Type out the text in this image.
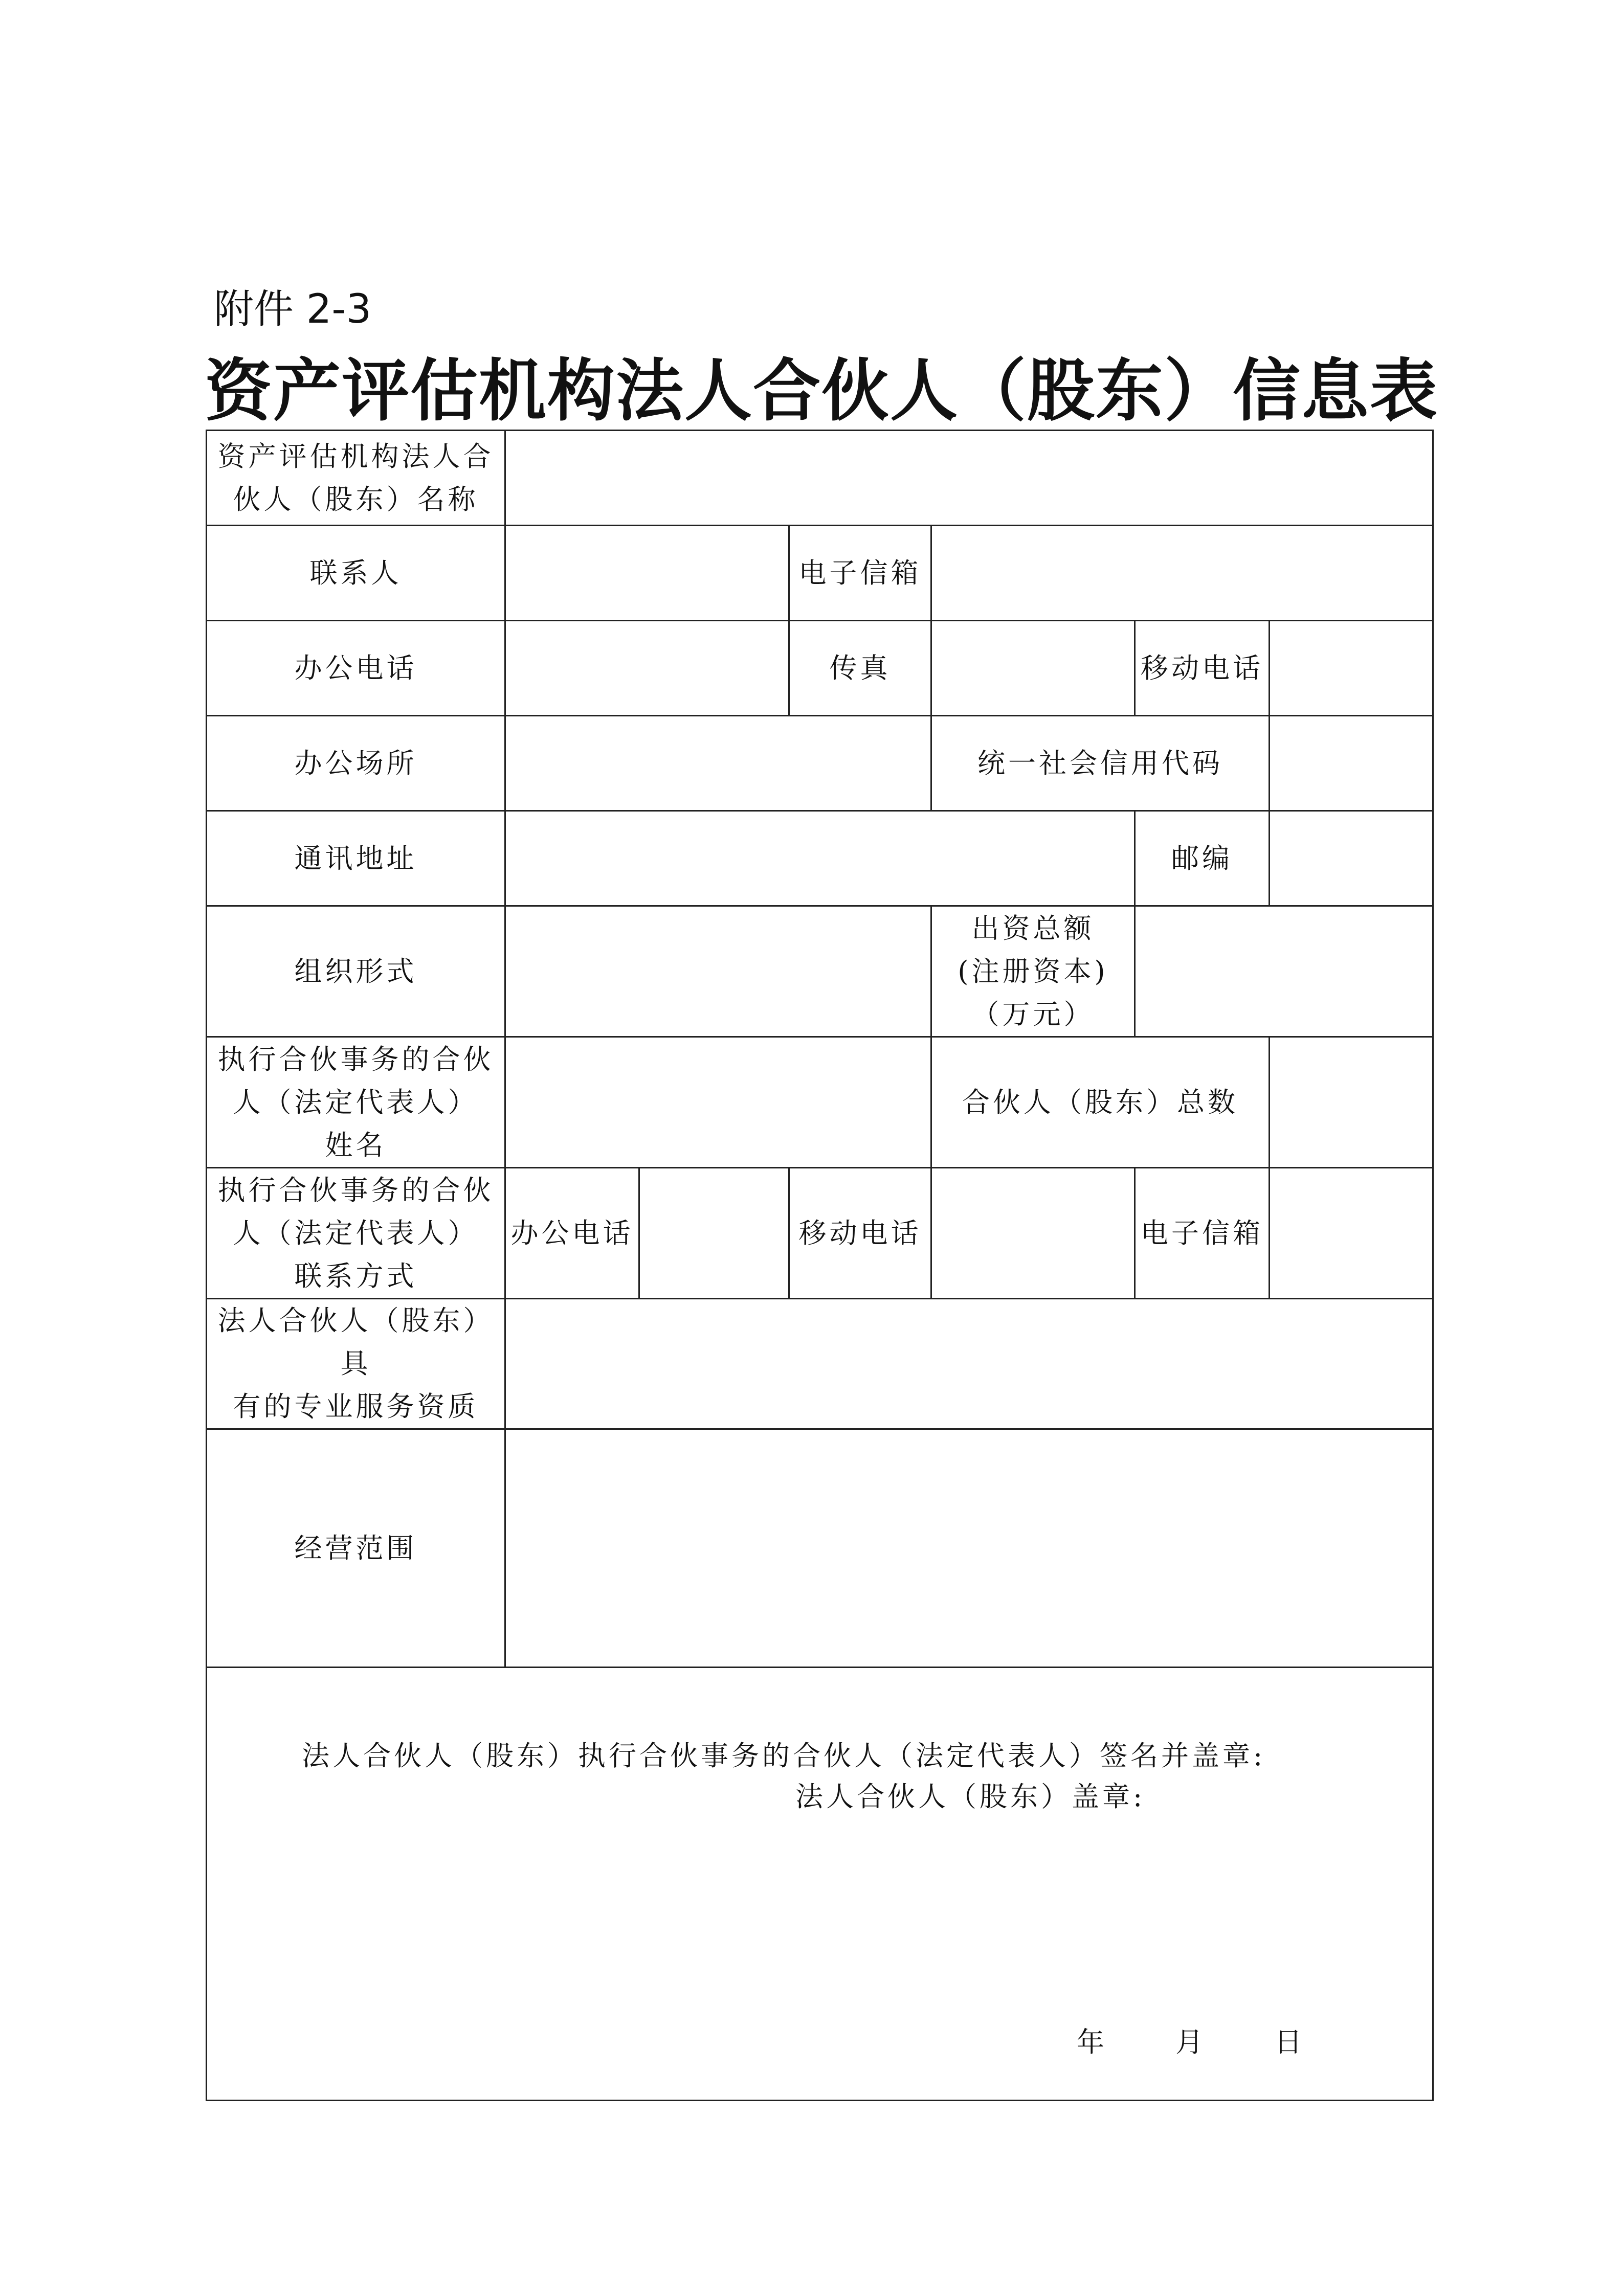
附件 2-3
资产评估机构法人合伙人（股东）信息表
资产评估机构法人合
伙人（股东）名称						

联系人			电子信箱			
办公电话			传真		移动电话	
办公场所				统一社会信用代码		
通讯地址					邮编	
组织形式				出资总额
(注册资本)
（万元）		

执行合伙事务的合伙
人（法定代表人）
姓名				合伙人（股东）总数		

执行合伙事务的合伙
人（法定代表人）
联系方式	办公电话		移动电话		电子信箱	

法人合伙人（股东）具
有的专业服务资质						

经营范围						

法人合伙人（股东）执行合伙事务的合伙人（法定代表人）签名并盖章:
法人合伙人（股东）盖章:
年 月 日						
